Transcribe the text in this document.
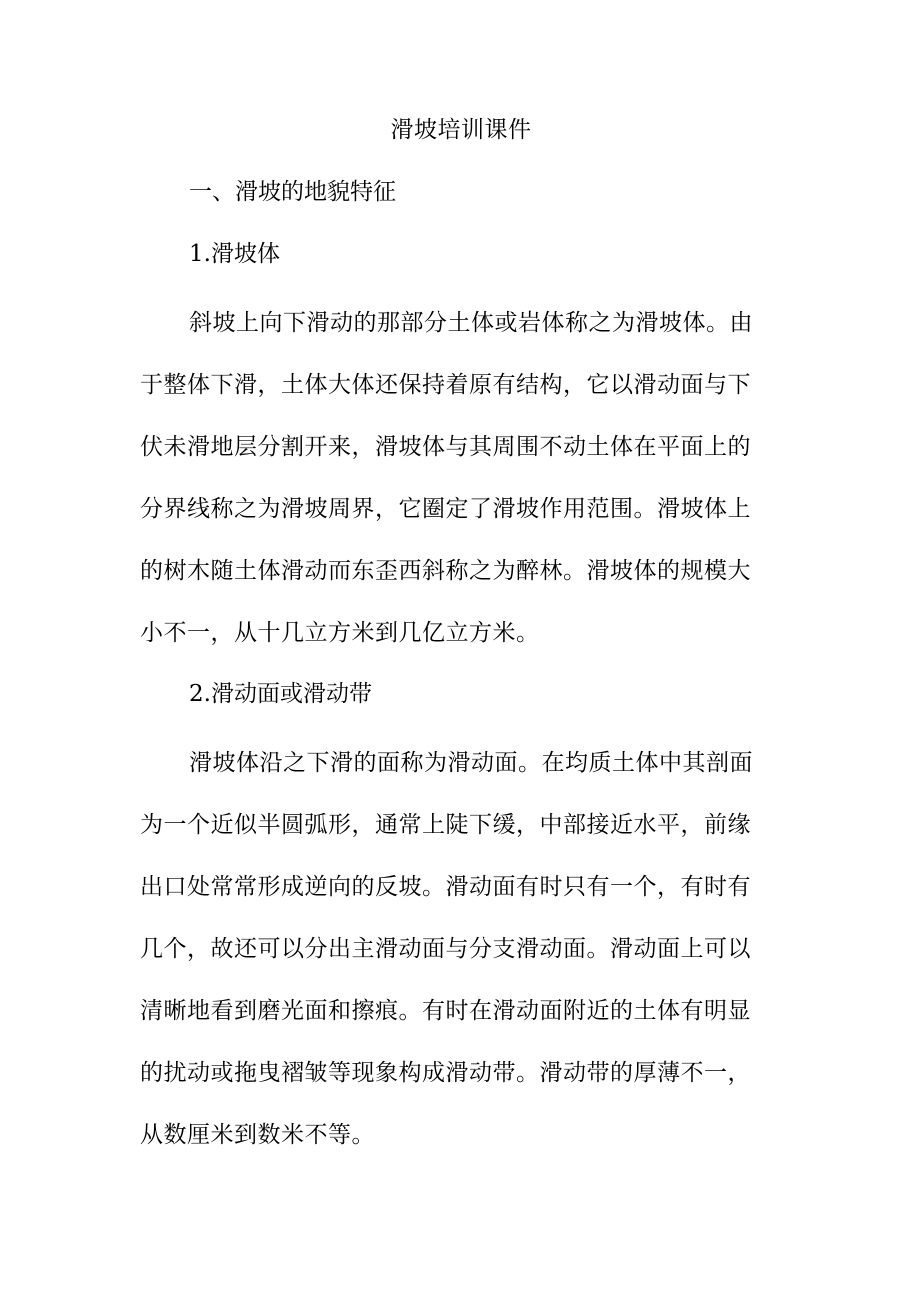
滑坡培训课件
一、滑坡的地貌特征
1.滑坡体
斜坡上向下滑动的那部分土体或岩体称之为滑坡体。由
于整体下滑，土体大体还保持着原有结构，它以滑动面与下
伏未滑地层分割开来，滑坡体与其周围不动土体在平面上的
分界线称之为滑坡周界，它圈定了滑坡作用范围。滑坡体上
的树木随土体滑动而东歪西斜称之为醉林。滑坡体的规模大
小不一，从十几立方米到几亿立方米。
2.滑动面或滑动带
滑坡体沿之下滑的面称为滑动面。在均质土体中其剖面
为一个近似半圆弧形，通常上陡下缓，中部接近水平，前缘
出口处常常形成逆向的反坡。滑动面有时只有一个，有时有
几个，故还可以分出主滑动面与分支滑动面。滑动面上可以
清晰地看到磨光面和擦痕。有时在滑动面附近的土体有明显
的扰动或拖曳褶皱等现象构成滑动带。滑动带的厚薄不一，
从数厘米到数米不等。
